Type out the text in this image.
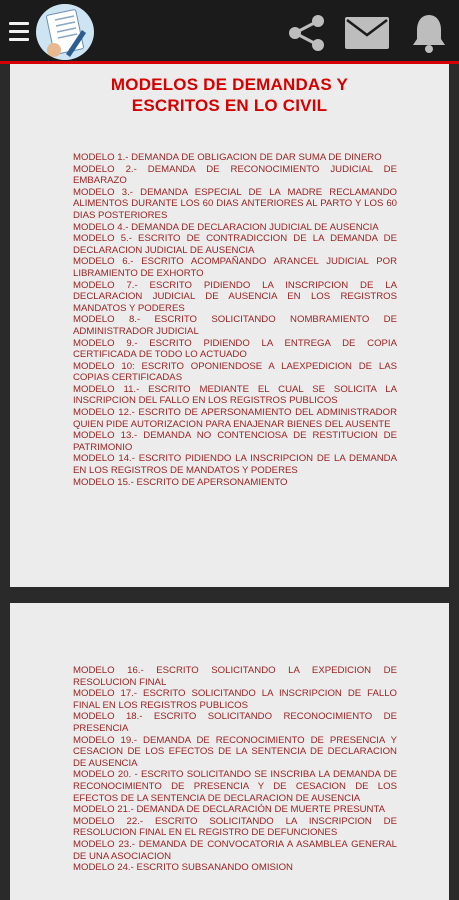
MODELOS DE DEMANDAS Y
ESCRITOS EN LO CIVIL

MODELO 1.- DEMANDA DE OBLIGACION DE DAR SUMA DE DINERO

MODELO 2.- DEMANDA DE RECONOCIMIENTO JUDICIAL DE EMBARAZO

MODELO 3.- DEMANDA ESPECIAL DE LA MADRE RECLAMANDO ALIMENTOS DURANTE LOS 60 DIAS ANTERIORES AL PARTO Y LOS 60 DIAS POSTERIORES

MODELO 4.- DEMANDA DE DECLARACION JUDICIAL DE AUSENCIA

MODELO 5.- ESCRITO DE CONTRADICCION DE LA DEMANDA DE DECLARACION JUDICIAL DE AUSENCIA

MODELO 6.- ESCRITO ACOMPAÑANDO ARANCEL JUDICIAL POR LIBRAMIENTO DE EXHORTO

MODELO 7.- ESCRITO PIDIENDO LA INSCRIPCION DE LA DECLARACION JUDICIAL DE AUSENCIA EN LOS REGISTROS MANDATOS Y PODERES

MODELO 8.- ESCRITO SOLICITANDO NOMBRAMIENTO DE ADMINISTRADOR JUDICIAL

MODELO 9.- ESCRITO PIDIENDO LA ENTREGA DE COPIA CERTIFICADA DE TODO LO ACTUADO

MODELO 10: ESCRITO OPONIENDOSE A LAEXPEDICION DE LAS COPIAS CERTIFICADAS

MODELO 11.- ESCRITO MEDIANTE EL CUAL SE SOLICITA LA INSCRIPCION DEL FALLO EN LOS REGISTROS PUBLICOS

MODELO 12.- ESCRITO DE APERSONAMIENTO DEL ADMINISTRADOR QUIEN PIDE AUTORIZACION PARA ENAJENAR BIENES DEL AUSENTE

MODELO 13.- DEMANDA NO CONTENCIOSA DE RESTITUCION DE PATRIMONIO

MODELO 14.- ESCRITO PIDIENDO LA INSCRIPCION DE LA DEMANDA EN LOS REGISTROS DE MANDATOS Y PODERES

MODELO 15.- ESCRITO DE APERSONAMIENTO

MODELO 16.- ESCRITO SOLICITANDO LA EXPEDICION DE RESOLUCION FINAL

MODELO 17.- ESCRITO SOLICITANDO LA INSCRIPCION DE FALLO FINAL EN LOS REGISTROS PUBLICOS

MODELO 18.- ESCRITO SOLICITANDO RECONOCIMIENTO DE PRESENCIA

MODELO 19.- DEMANDA DE RECONOCIMIENTO DE PRESENCIA Y CESACION DE LOS EFECTOS DE LA SENTENCIA DE DECLARACION DE AUSENCIA

MODELO 20. - ESCRITO SOLICITANDO SE INSCRIBA LA DEMANDA DE RECONOCIMIENTO DE PRESENCIA Y DE CESACION DE LOS EFECTOS DE LA SENTENCIA DE DECLARACION DE AUSENCIA

MODELO 21.- DEMANDA DE DECLARACIÓN DE MUERTE PRESUNTA

MODELO 22.- ESCRITO SOLICITANDO LA INSCRIPCION DE RESOLUCION FINAL EN EL REGISTRO DE DEFUNCIONES

MODELO 23.- DEMANDA DE CONVOCATORIA A ASAMBLEA GENERAL DE UNA ASOCIACION

MODELO 24.- ESCRITO SUBSANANDO OMISION
